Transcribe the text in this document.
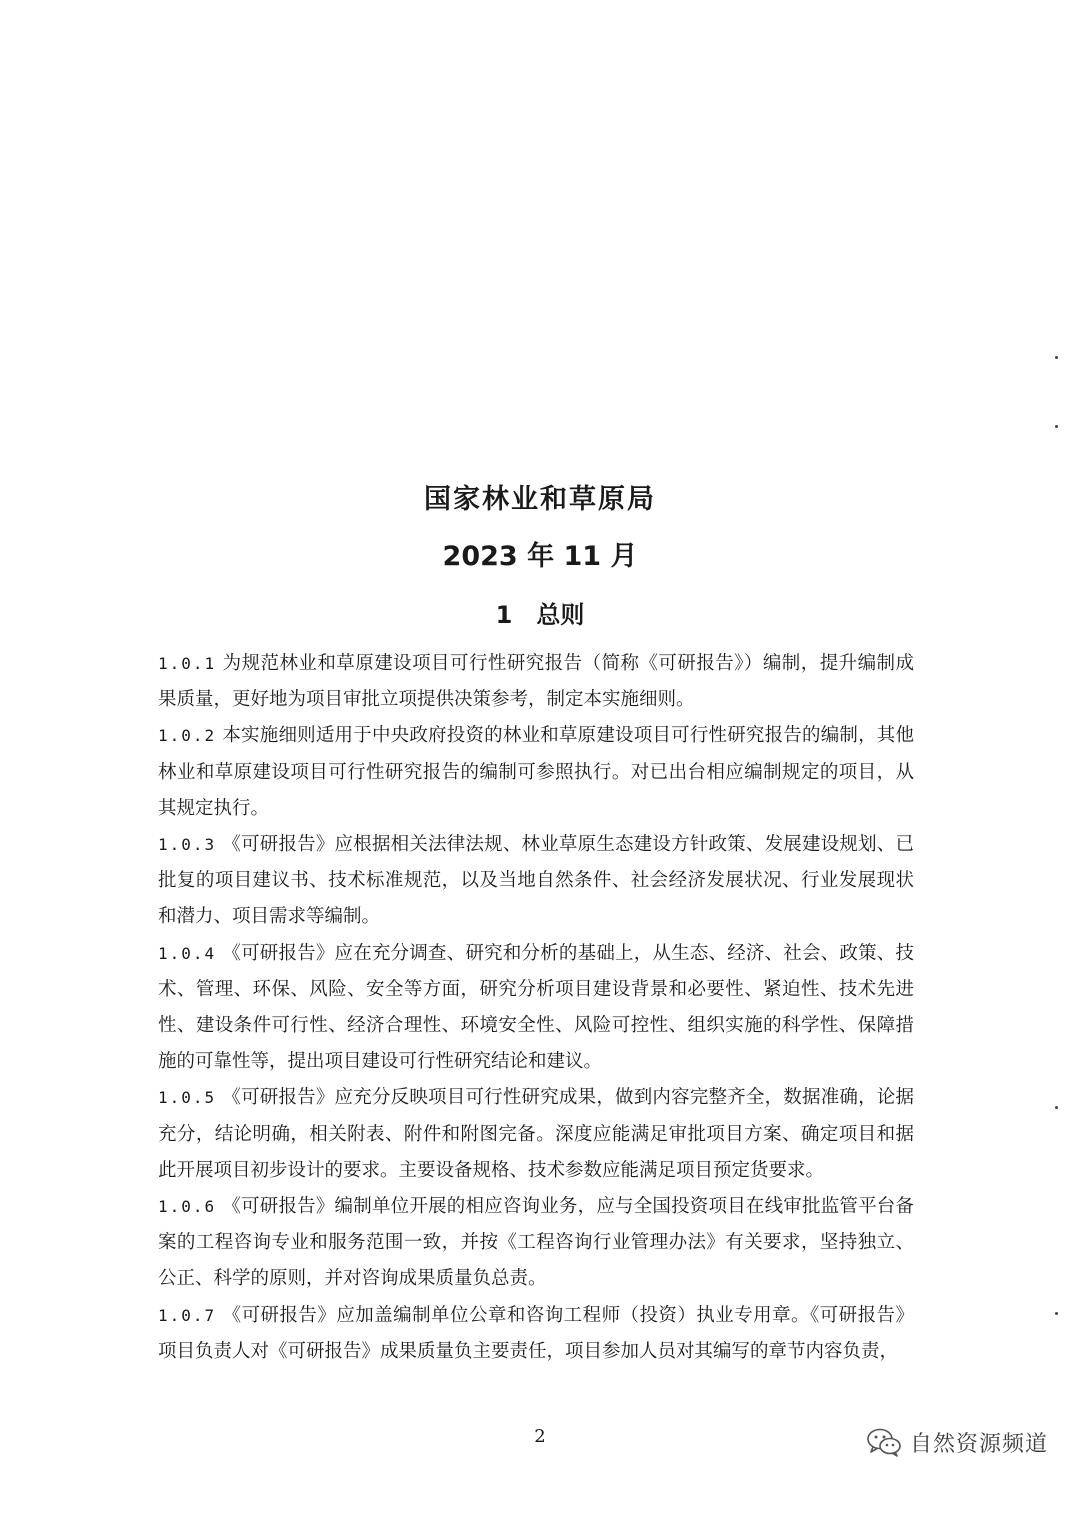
国家林业和草原局
2023 年 11 月
1 总则

1.0.1 为规范林业和草原建设项目可行性研究报告（简称《可研报告》）编制，提升编制成果质量，更好地为项目审批立项提供决策参考，制定本实施细则。

1.0.2 本实施细则适用于中央政府投资的林业和草原建设项目可行性研究报告的编制，其他林业和草原建设项目可行性研究报告的编制可参照执行。对已出台相应编制规定的项目，从其规定执行。

1.0.3 《可研报告》应根据相关法律法规、林业草原生态建设方针政策、发展建设规划、已批复的项目建议书、技术标准规范，以及当地自然条件、社会经济发展状况、行业发展现状和潜力、项目需求等编制。

1.0.4 《可研报告》应在充分调查、研究和分析的基础上，从生态、经济、社会、政策、技术、管理、环保、风险、安全等方面，研究分析项目建设背景和必要性、紧迫性、技术先进性、建设条件可行性、经济合理性、环境安全性、风险可控性、组织实施的科学性、保障措施的可靠性等，提出项目建设可行性研究结论和建议。

1.0.5 《可研报告》应充分反映项目可行性研究成果，做到内容完整齐全，数据准确，论据充分，结论明确，相关附表、附件和附图完备。深度应能满足审批项目方案、确定项目和据此开展项目初步设计的要求。主要设备规格、技术参数应能满足项目预定货要求。

1.0.6 《可研报告》编制单位开展的相应咨询业务，应与全国投资项目在线审批监管平台备案的工程咨询专业和服务范围一致，并按《工程咨询行业管理办法》有关要求，坚持独立、公正、科学的原则，并对咨询成果质量负总责。

1.0.7 《可研报告》应加盖编制单位公章和咨询工程师（投资）执业专用章。《可研报告》项目负责人对《可研报告》成果质量负主要责任，项目参加人员对其编写的章节内容负责，

2	自然资源频道
